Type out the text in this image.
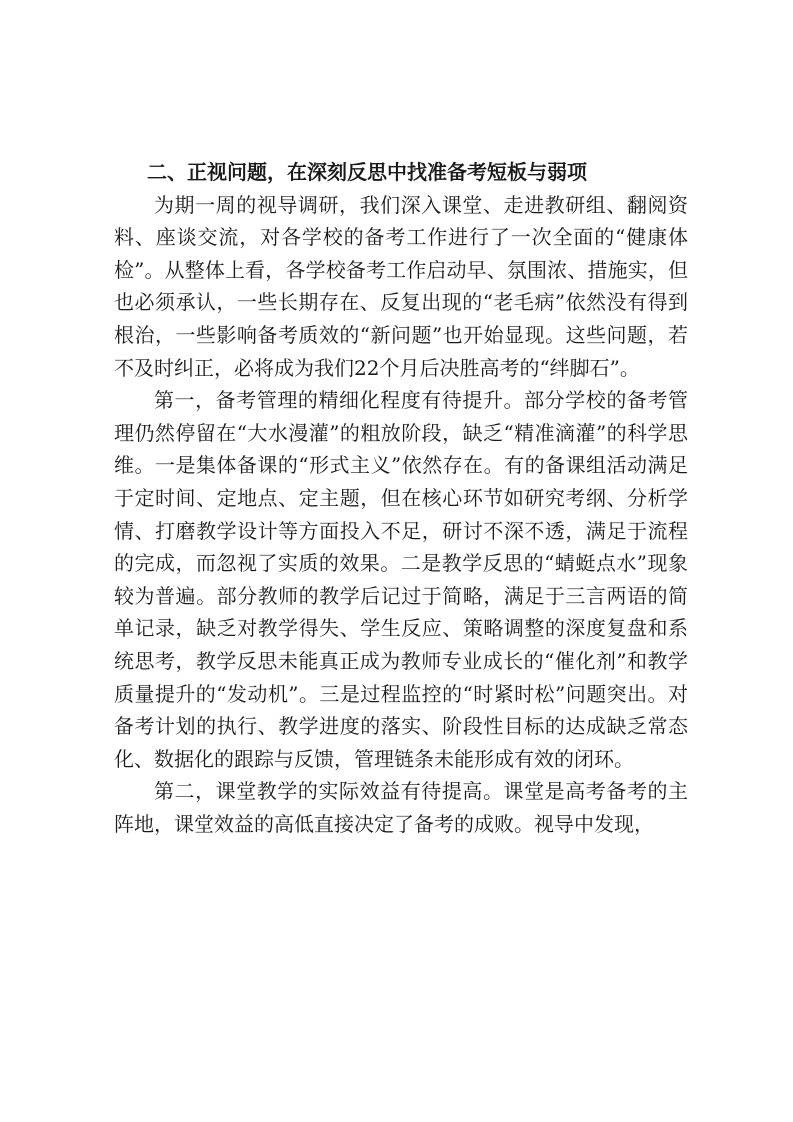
二、正视问题，在深刻反思中找准备考短板与弱项

为期一周的视导调研，我们深入课堂、走进教研组、翻阅资料、座谈交流，对各学校的备考工作进行了一次全面的“健康体检”。从整体上看，各学校备考工作启动早、氛围浓、措施实，但也必须承认，一些长期存在、反复出现的“老毛病”依然没有得到根治，一些影响备考质效的“新问题”也开始显现。这些问题，若不及时纠正，必将成为我们22个月后决胜高考的“绊脚石”。

第一，备考管理的精细化程度有待提升。部分学校的备考管理仍然停留在“大水漫灌”的粗放阶段，缺乏“精准滴灌”的科学思维。一是集体备课的“形式主义”依然存在。有的备课组活动满足于定时间、定地点、定主题，但在核心环节如研究考纲、分析学情、打磨教学设计等方面投入不足，研讨不深不透，满足于流程的完成，而忽视了实质的效果。二是教学反思的“蜻蜓点水”现象较为普遍。部分教师的教学后记过于简略，满足于三言两语的简单记录，缺乏对教学得失、学生反应、策略调整的深度复盘和系统思考，教学反思未能真正成为教师专业成长的“催化剂”和教学质量提升的“发动机”。三是过程监控的“时紧时松”问题突出。对备考计划的执行、教学进度的落实、阶段性目标的达成缺乏常态化、数据化的跟踪与反馈，管理链条未能形成有效的闭环。

第二，课堂教学的实际效益有待提高。课堂是高考备考的主阵地，课堂效益的高低直接决定了备考的成败。视导中发现，
